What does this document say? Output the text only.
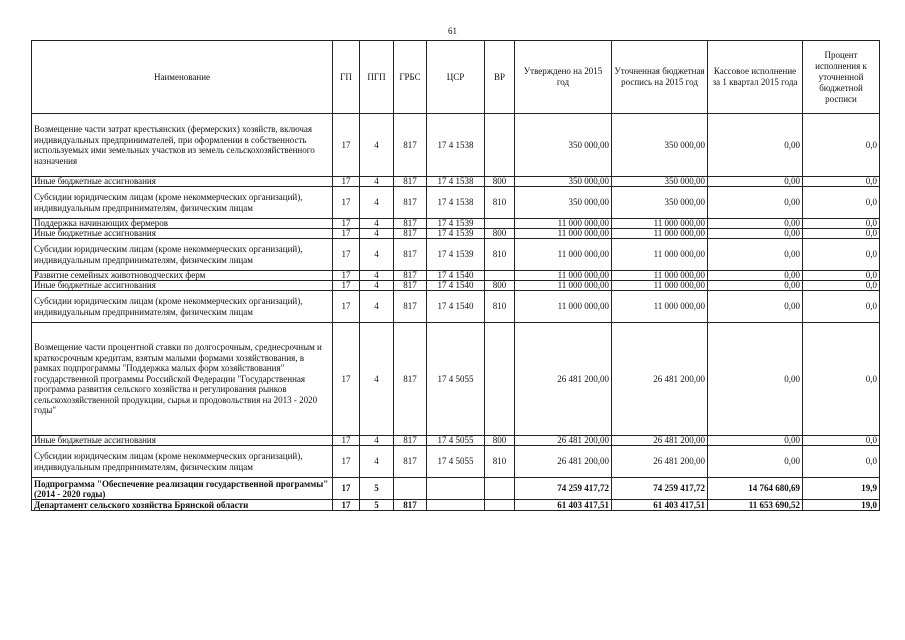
61
Наименование	ГП	ПГП	ГРБС	ЦСР	ВР	Утверждено на 2015 год	Уточненная бюджетная роспись на 2015 год	Кассовое исполнение за 1 квартал 2015 года	Процент исполнения к уточненной бюджетной росписи
Возмещение части затрат крестьянских (фермерских) хозяйств, включая индивидуальных предпринимателей, при оформлении в собственность используемых ими земельных участков из земель сельскохозяйственного назначения	17	4	817	17 4 1538		350 000,00	350 000,00	0,00	0,0
Иные бюджетные ассигнования	17	4	817	17 4 1538	800	350 000,00	350 000,00	0,00	0,0
Субсидии юридическим лицам (кроме некоммерческих организаций), индивидуальным предпринимателям, физическим лицам	17	4	817	17 4 1538	810	350 000,00	350 000,00	0,00	0,0
Поддержка начинающих фермеров	17	4	817	17 4 1539		11 000 000,00	11 000 000,00	0,00	0,0
Иные бюджетные ассигнования	17	4	817	17 4 1539	800	11 000 000,00	11 000 000,00	0,00	0,0
Субсидии юридическим лицам (кроме некоммерческих организаций), индивидуальным предпринимателям, физическим лицам	17	4	817	17 4 1539	810	11 000 000,00	11 000 000,00	0,00	0,0
Развитие семейных животноводческих ферм	17	4	817	17 4 1540		11 000 000,00	11 000 000,00	0,00	0,0
Иные бюджетные ассигнования	17	4	817	17 4 1540	800	11 000 000,00	11 000 000,00	0,00	0,0
Субсидии юридическим лицам (кроме некоммерческих организаций), индивидуальным предпринимателям, физическим лицам	17	4	817	17 4 1540	810	11 000 000,00	11 000 000,00	0,00	0,0
Возмещение части процентной ставки по долгосрочным, среднесрочным и краткосрочным кредитам, взятым малыми формами хозяйствования, в рамках подпрограммы "Поддержка малых форм хозяйствования" государственной программы Российской Федерации "Государственная программа развития сельского хозяйства и регулирования рынков сельскохозяйственной продукции, сырья и продовольствия на 2013 - 2020 годы"	17	4	817	17 4 5055		26 481 200,00	26 481 200,00	0,00	0,0
Иные бюджетные ассигнования	17	4	817	17 4 5055	800	26 481 200,00	26 481 200,00	0,00	0,0
Субсидии юридическим лицам (кроме некоммерческих организаций), индивидуальным предпринимателям, физическим лицам	17	4	817	17 4 5055	810	26 481 200,00	26 481 200,00	0,00	0,0
Подпрограмма "Обеспечение реализации государственной программы" (2014 - 2020 годы)	17	5				74 259 417,72	74 259 417,72	14 764 680,69	19,9
Департамент сельского хозяйства Брянской области	17	5	817			61 403 417,51	61 403 417,51	11 653 690,52	19,0
